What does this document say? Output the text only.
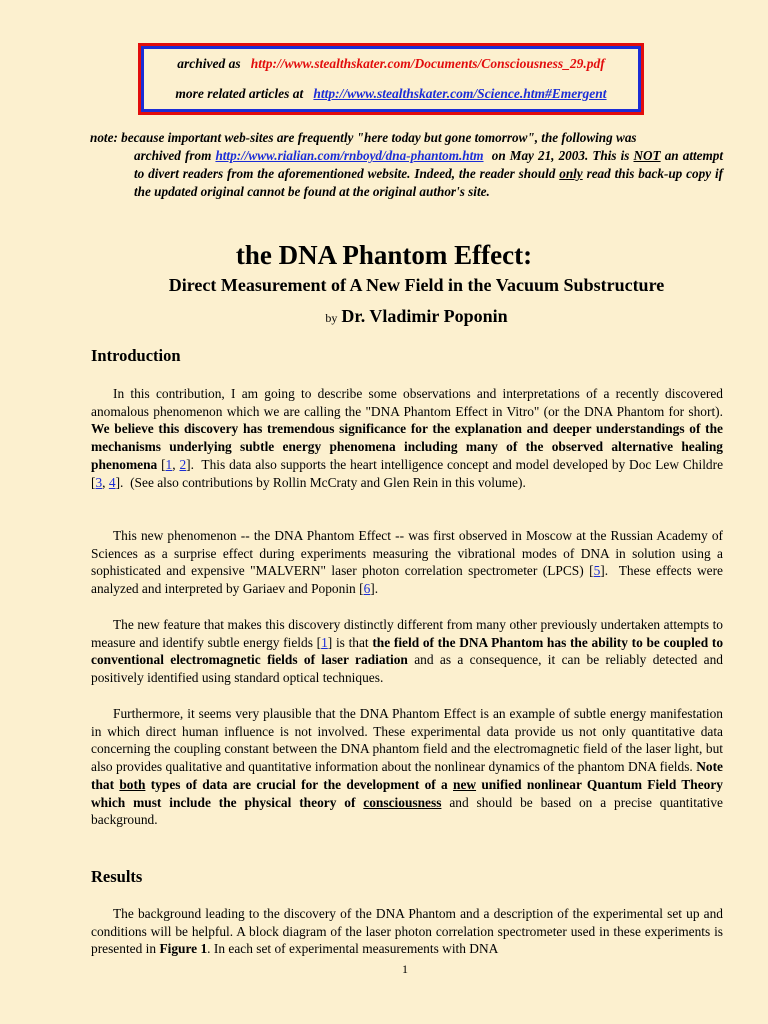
archived as http://www.stealthskater.com/Documents/Consciousness_29.pdf
more related articles at http://www.stealthskater.com/Science.htm#Emergent
note: because important web-sites are frequently "here today but gone tomorrow", the following was
archived from http://www.rialian.com/rnboyd/dna-phantom.htm on May 21, 2003. This is NOT an attempt to divert readers from the aforementioned website. Indeed, the reader should only read this back-up copy if the updated original cannot be found at the original author's site.
the DNA Phantom Effect:
Direct Measurement of A New Field in the Vacuum Substructure
by Dr. Vladimir Poponin
Introduction

In this contribution, I am going to describe some observations and interpretations of a recently discovered anomalous phenomenon which we are calling the "DNA Phantom Effect in Vitro" (or the DNA Phantom for short). We believe this discovery has tremendous significance for the explanation and deeper understandings of the mechanisms underlying subtle energy phenomena including many of the observed alternative healing phenomena [1, 2].  This data also supports the heart intelligence concept and model developed by Doc Lew Childre [3, 4].  (See also contributions by Rollin McCraty and Glen Rein in this volume).

This new phenomenon -- the DNA Phantom Effect -- was first observed in Moscow at the Russian Academy of Sciences as a surprise effect during experiments measuring the vibrational modes of DNA in solution using a sophisticated and expensive "MALVERN" laser photon correlation spectrometer (LPCS) [5].  These effects were analyzed and interpreted by Gariaev and Poponin [6].

The new feature that makes this discovery distinctly different from many other previously undertaken attempts to measure and identify subtle energy fields [1] is that the field of the DNA Phantom has the ability to be coupled to conventional electromagnetic fields of laser radiation and as a consequence, it can be reliably detected and positively identified using standard optical techniques.

Furthermore, it seems very plausible that the DNA Phantom Effect is an example of subtle energy manifestation in which direct human influence is not involved. These experimental data provide us not only quantitative data concerning the coupling constant between the DNA phantom field and the electromagnetic field of the laser light, but also provides qualitative and quantitative information about the nonlinear dynamics of the phantom DNA fields. Note that both types of data are crucial for the development of a new unified nonlinear Quantum Field Theory which must include the physical theory of consciousness and should be based on a precise quantitative background.

Results

The background leading to the discovery of the DNA Phantom and a description of the experimental set up and conditions will be helpful. A block diagram of the laser photon correlation spectrometer used in these experiments is presented in Figure 1. In each set of experimental measurements with DNA

1
